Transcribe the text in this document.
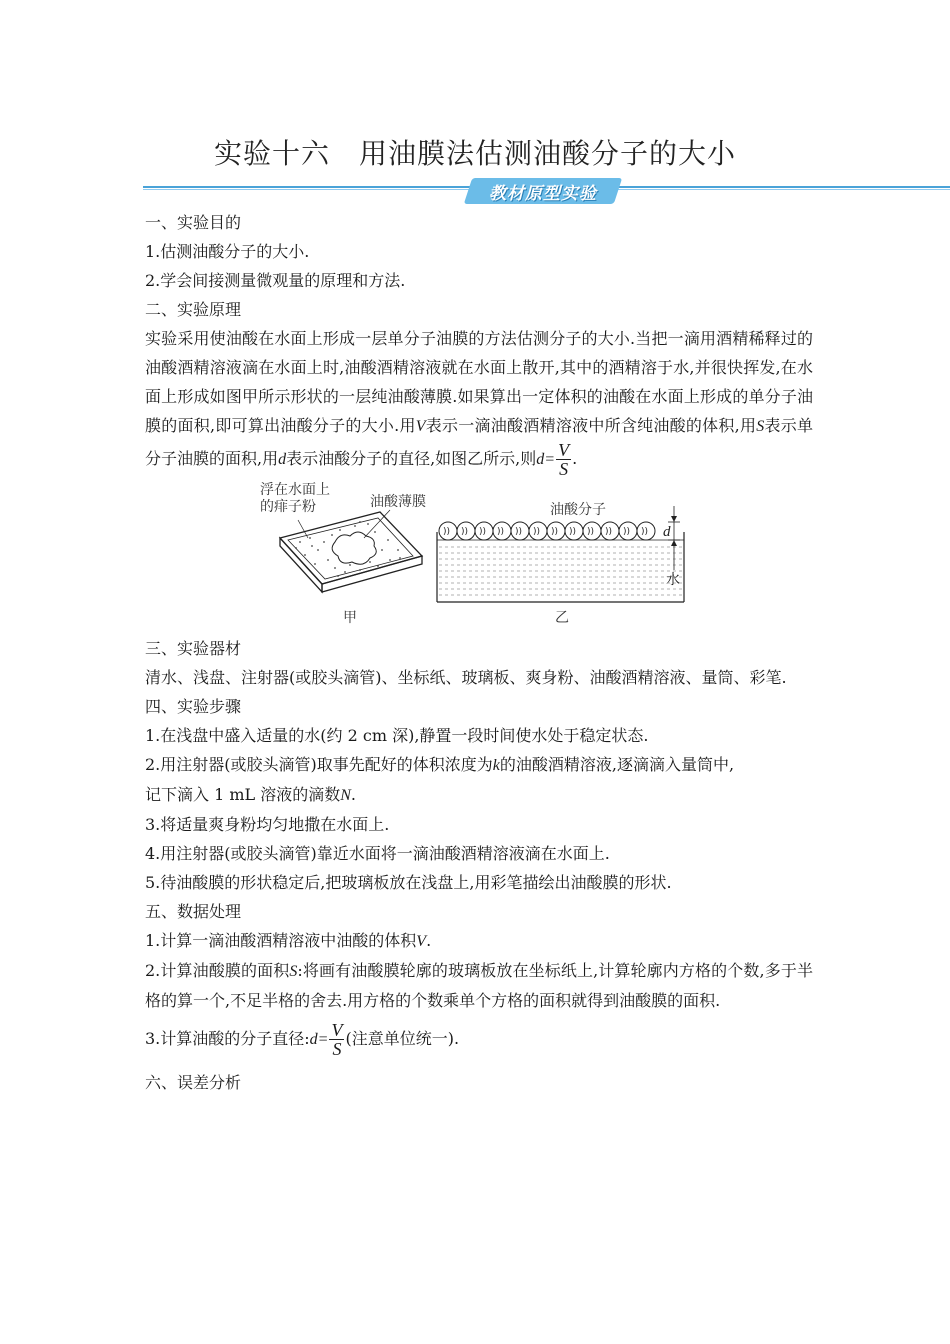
实验十六　用油膜法估测油酸分子的大小
教材原型实验
一、实验目的
1.估测油酸分子的大小.
2.学会间接测量微观量的原理和方法.
二、实验原理
实验采用使油酸在水面上形成一层单分子油膜的方法估测分子的大小.当把一滴用酒精稀释过的油酸酒精溶液滴在水面上时,油酸酒精溶液就在水面上散开,其中的酒精溶于水,并很快挥发,在水面上形成如图甲所示形状的一层纯油酸薄膜.如果算出一定体积的油酸在水面上形成的单分子油膜的面积,即可算出油酸分子的大小.用V表示一滴油酸酒精溶液中所含纯油酸的体积,用S表示单分子油膜的面积,用d表示油酸分子的直径,如图乙所示,则$d= \frac{V}{S}$ .
浮在水面上
的痱子粉	油酸薄膜
甲
)) )) )) )) )) )) )) )) )) )) )) ))
油酸分子
d
水
乙
三、实验器材
清水、浅盘、注射器(或胶头滴管)、坐标纸、玻璃板、爽身粉、油酸酒精溶液、量筒、彩笔.
四、实验步骤
1.在浅盘中盛入适量的水(约 2 cm 深),静置一段时间使水处于稳定状态.
2.用注射器(或胶头滴管)取事先配好的体积浓度为k的油酸酒精溶液,逐滴滴入量筒中,
记下滴入 1 mL 溶液的滴数N.
3.将适量爽身粉均匀地撒在水面上.
4.用注射器(或胶头滴管)靠近水面将一滴油酸酒精溶液滴在水面上.
5.待油酸膜的形状稳定后,把玻璃板放在浅盘上,用彩笔描绘出油酸膜的形状.
五、数据处理
1.计算一滴油酸酒精溶液中油酸的体积V.
2.计算油酸膜的面积S:将画有油酸膜轮廓的玻璃板放在坐标纸上,计算轮廓内方格的个数,多于半格的算一个,不足半格的舍去.用方格的个数乘单个方格的面积就得到油酸膜的面积.
3.计算油酸的分子直径:d= $\frac{V}{S}$ (注意单位统一).
六、误差分析
